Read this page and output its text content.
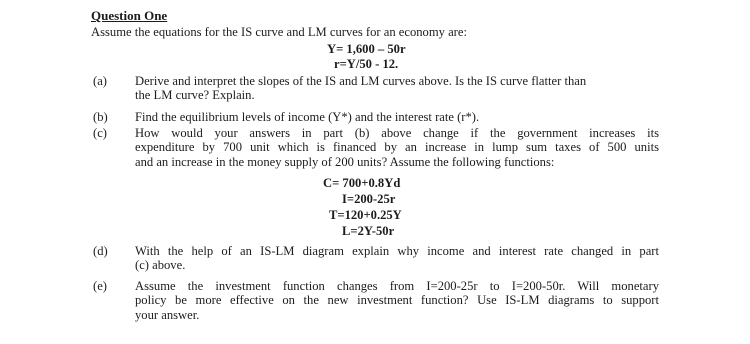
Question One
Assume the equations for the IS curve and LM curves for an economy are:
Y= 1,600 – 50r
r=Y/50 - 12.
(a) Derive and interpret the slopes of the IS and LM curves above. Is the IS curve flatter than
the LM curve? Explain.
(b) Find the equilibrium levels of income (Y*) and the interest rate (r*).
(c) How would your answers in part (b) above change if the government increases its
expenditure by 700 unit which is financed by an increase in lump sum taxes of 500 units
and an increase in the money supply of 200 units? Assume the following functions:
C= 700+0.8Yd
I=200-25r
T=120+0.25Y
L=2Y-50r
(d) With the help of an IS-LM diagram explain why income and interest rate changed in part
(c) above.
(e) Assume the investment function changes from I=200-25r to I=200-50r. Will monetary
policy be more effective on the new investment function? Use IS-LM diagrams to support
your answer.
